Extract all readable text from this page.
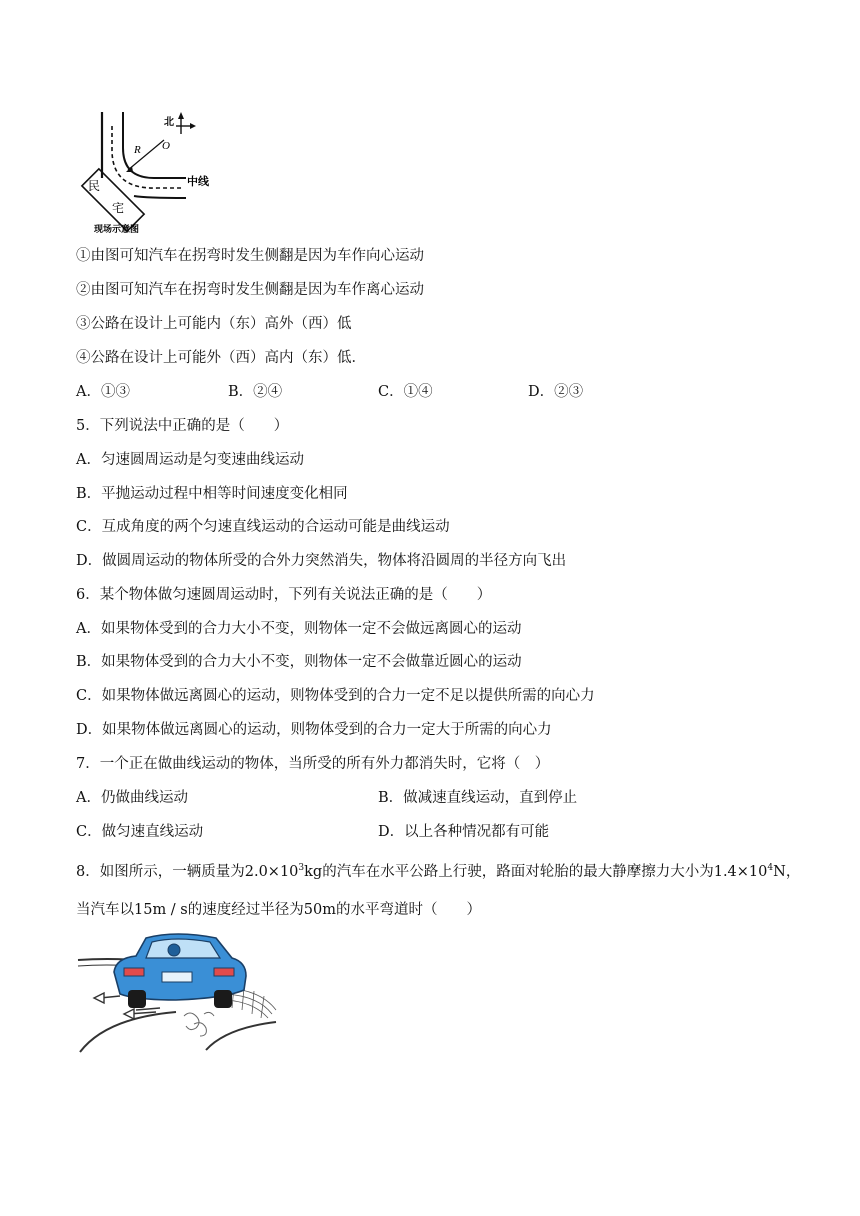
北
O
R
中线
民
宅
现场示意图
①由图可知汽车在拐弯时发生侧翻是因为车作向心运动
②由图可知汽车在拐弯时发生侧翻是因为车作离心运动
③公路在设计上可能内（东）高外（西）低
④公路在设计上可能外（西）高内（东）低．
A．①③	B．②④	C．①④	D．②③
5．下列说法中正确的是（　　）
A．匀速圆周运动是匀变速曲线运动
B．平抛运动过程中相等时间速度变化相同
C．互成角度的两个匀速直线运动的合运动可能是曲线运动
D．做圆周运动的物体所受的合外力突然消失，物体将沿圆周的半径方向飞出
6．某个物体做匀速圆周运动时，下列有关说法正确的是（　　）
A．如果物体受到的合力大小不变，则物体一定不会做远离圆心的运动
B．如果物体受到的合力大小不变，则物体一定不会做靠近圆心的运动
C．如果物体做远离圆心的运动，则物体受到的合力一定不足以提供所需的向心力
D．如果物体做远离圆心的运动，则物体受到的合力一定大于所需的向心力
7．一个正在做曲线运动的物体，当所受的所有外力都消失时，它将（　）
A．仍做曲线运动	B．做减速直线运动，直到停止
C．做匀速直线运动	D．以上各种情况都有可能
8．如图所示，一辆质量为$2.0\times 10^3kg$的汽车在水平公路上行驶，路面对轮胎的最大静摩擦力大小为$1.4\times 10^4N$，
当汽车以15m / s的速度经过半径为50m的水平弯道时（　　）
